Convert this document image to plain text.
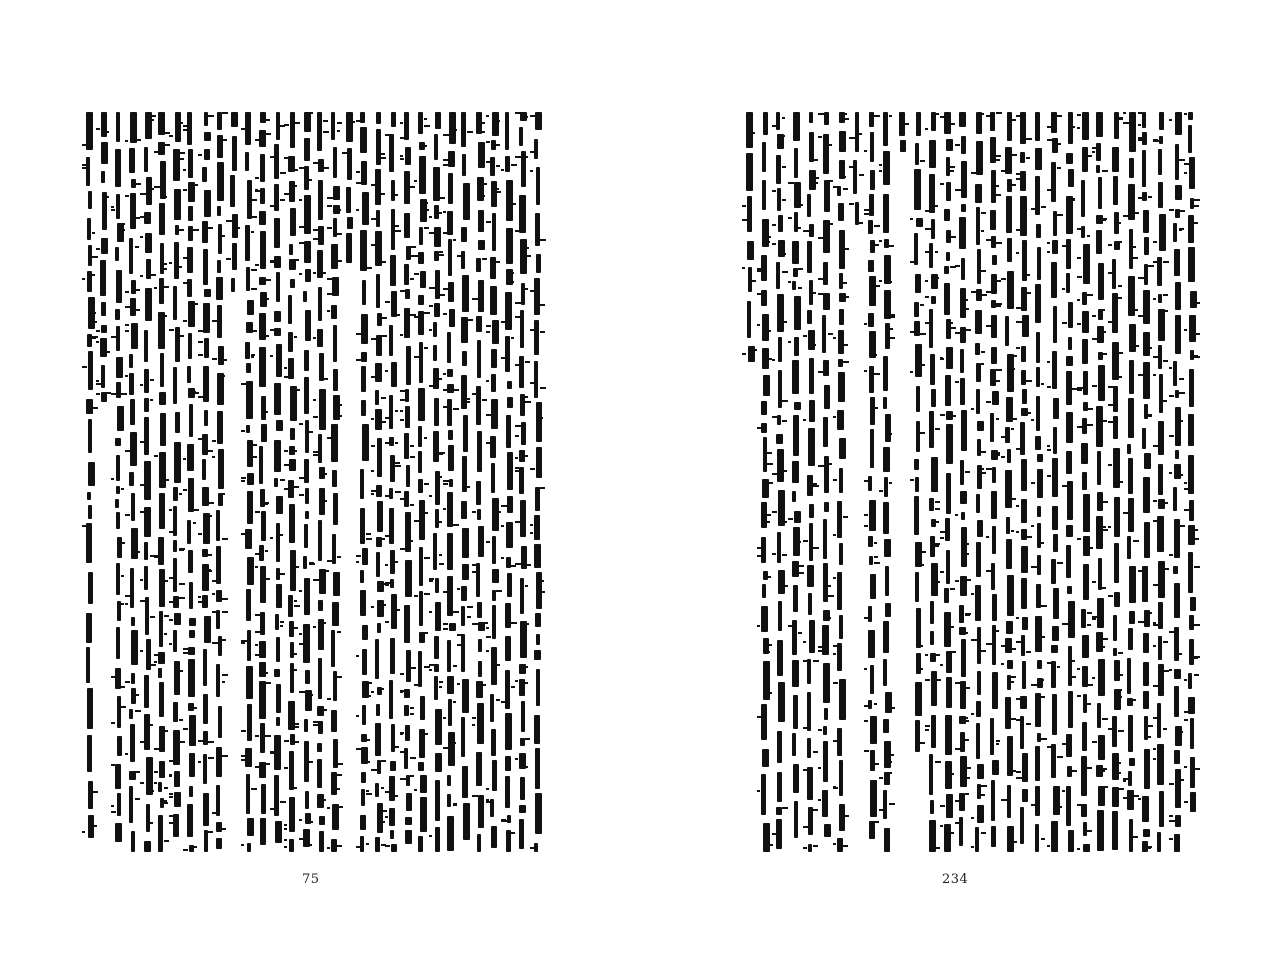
75	234
